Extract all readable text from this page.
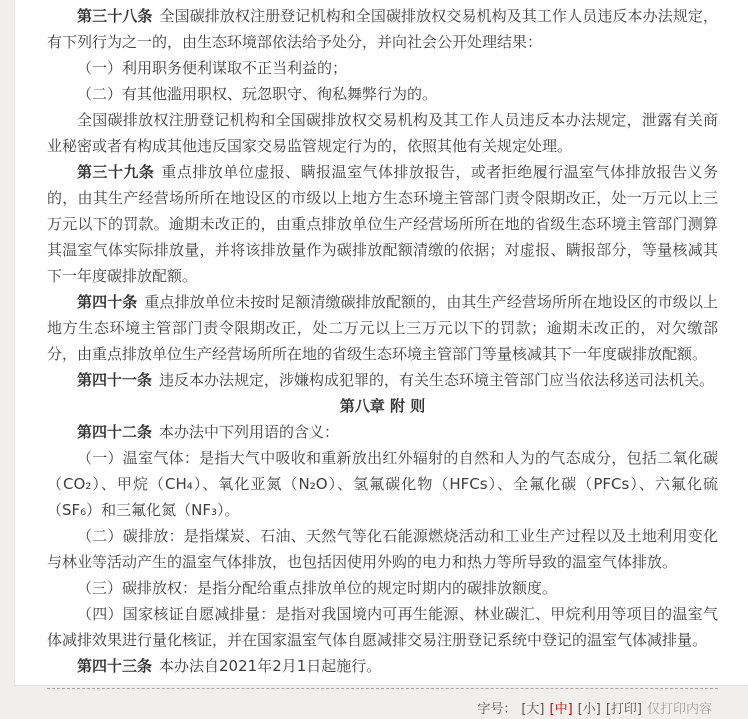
第三十八条 全国碳排放权注册登记机构和全国碳排放权交易机构及其工作人员违反本办法规定，有下列行为之一的，由生态环境部依法给予处分，并向社会公开处理结果：

（一）利用职务便利谋取不正当利益的；

（二）有其他滥用职权、玩忽职守、徇私舞弊行为的。

全国碳排放权注册登记机构和全国碳排放权交易机构及其工作人员违反本办法规定，泄露有关商业秘密或者有构成其他违反国家交易监管规定行为的，依照其他有关规定处理。

第三十九条 重点排放单位虚报、瞒报温室气体排放报告，或者拒绝履行温室气体排放报告义务的，由其生产经营场所所在地设区的市级以上地方生态环境主管部门责令限期改正，处一万元以上三万元以下的罚款。逾期未改正的，由重点排放单位生产经营场所所在地的省级生态环境主管部门测算其温室气体实际排放量，并将该排放量作为碳排放配额清缴的依据；对虚报、瞒报部分，等量核减其下一年度碳排放配额。

第四十条 重点排放单位未按时足额清缴碳排放配额的，由其生产经营场所所在地设区的市级以上地方生态环境主管部门责令限期改正，处二万元以上三万元以下的罚款；逾期未改正的，对欠缴部分，由重点排放单位生产经营场所所在地的省级生态环境主管部门等量核减其下一年度碳排放配额。

第四十一条 违反本办法规定，涉嫌构成犯罪的，有关生态环境主管部门应当依法移送司法机关。

第八章 附 则

第四十二条 本办法中下列用语的含义：

（一）温室气体：是指大气中吸收和重新放出红外辐射的自然和人为的气态成分，包括二氧化碳（CO₂）、甲烷（CH₄）、氧化亚氮（N₂O）、氢氟碳化物（HFCs）、全氟化碳（PFCs）、六氟化硫（SF₆）和三氟化氮（NF₃）。

（二）碳排放：是指煤炭、石油、天然气等化石能源燃烧活动和工业生产过程以及土地利用变化与林业等活动产生的温室气体排放，也包括因使用外购的电力和热力等所导致的温室气体排放。

（三）碳排放权：是指分配给重点排放单位的规定时期内的碳排放额度。

（四）国家核证自愿减排量：是指对我国境内可再生能源、林业碳汇、甲烷利用等项目的温室气体减排效果进行量化核证，并在国家温室气体自愿减排交易注册登记系统中登记的温室气体减排量。

第四十三条 本办法自2021年2月1日起施行。

字号： [大] [中] [小] [打印] 仅打印内容
